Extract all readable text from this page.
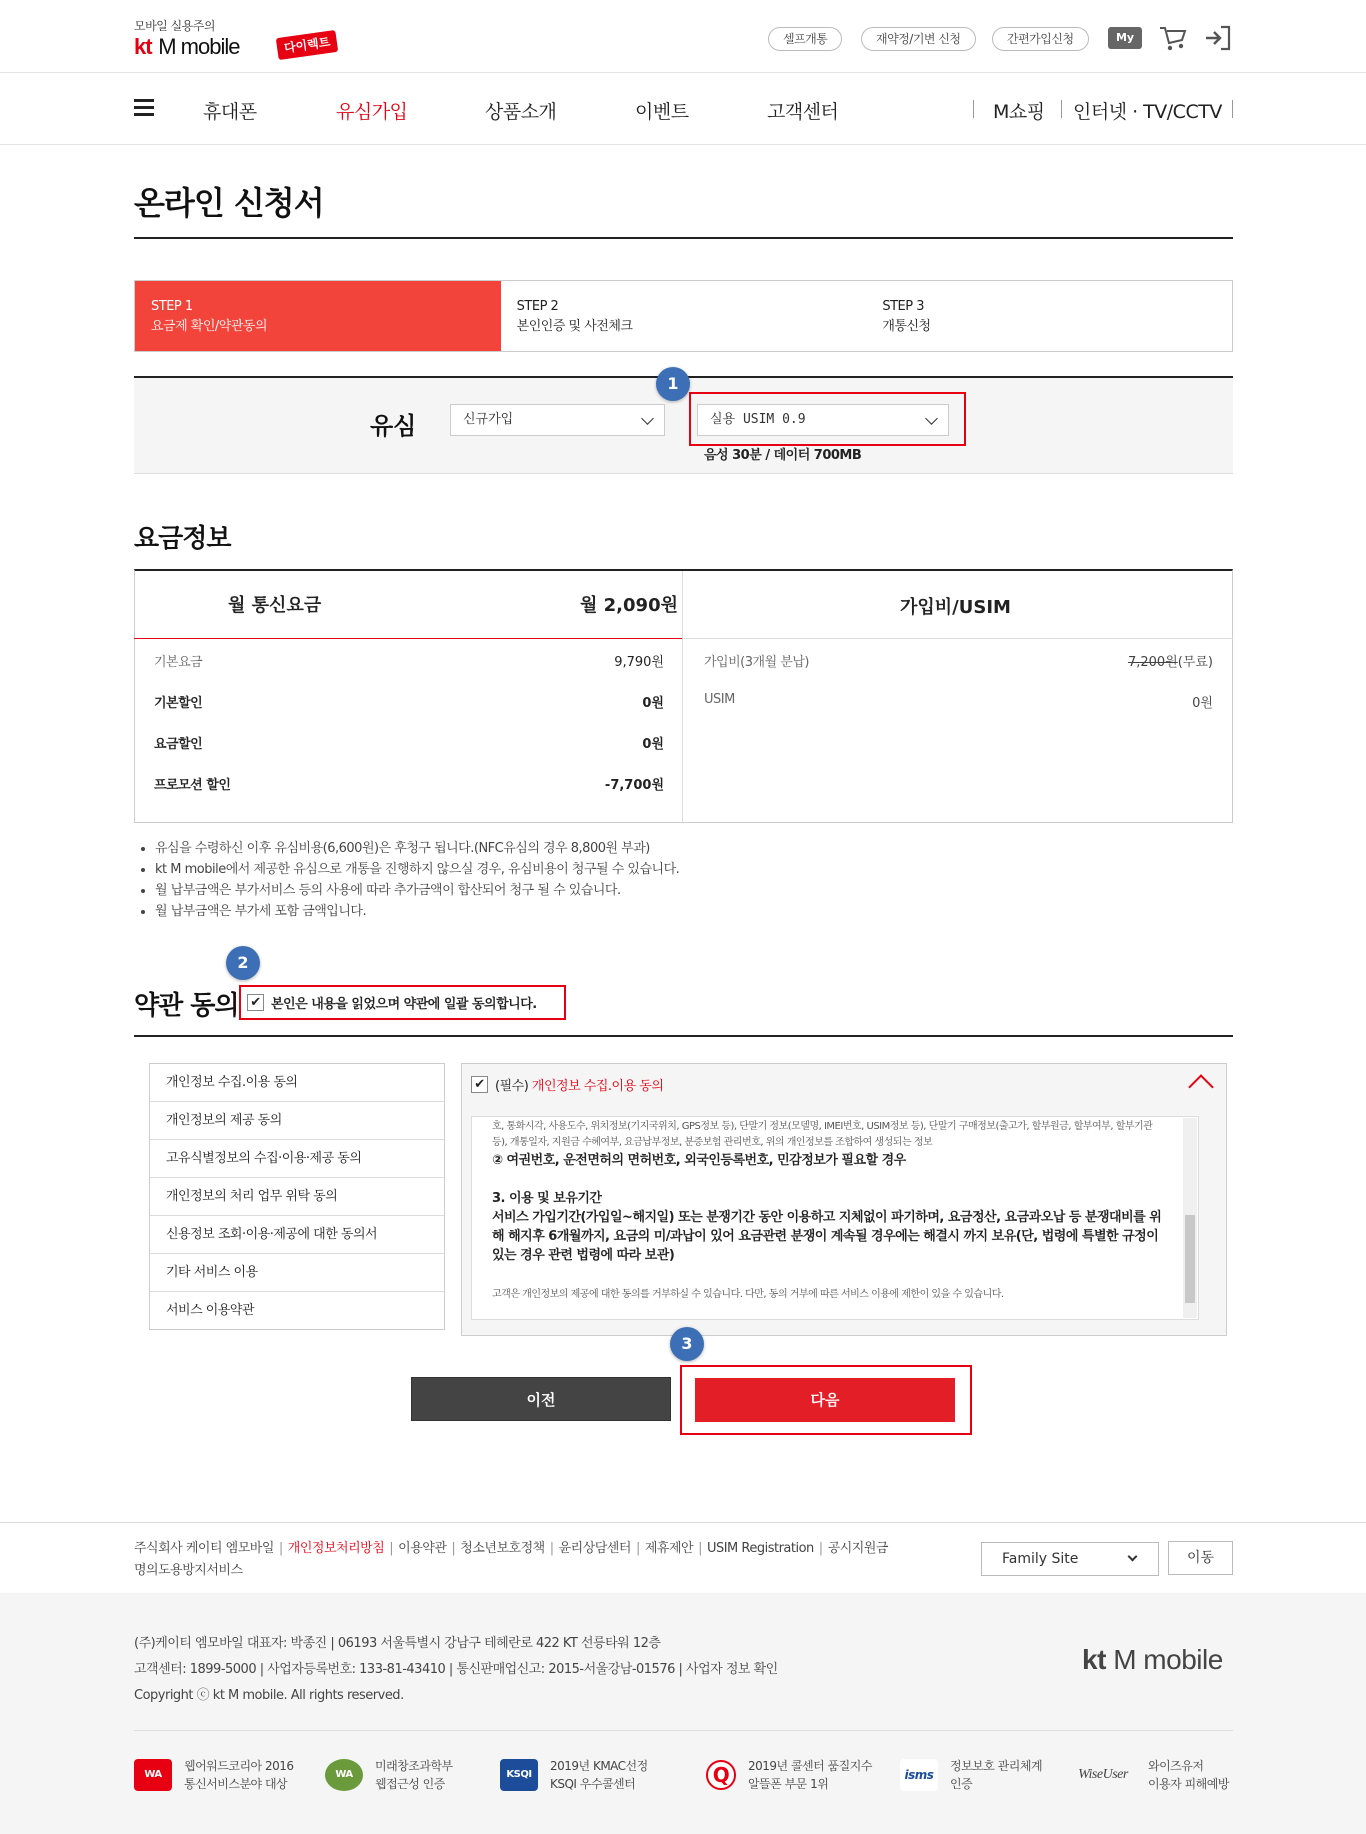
모바일 실용주의
kt M mobile	다이렉트	셀프개통	재약정/기변 신청	간편가입신청	My
휴대폰	유심가입	상품소개	이벤트	고객센터	M쇼핑 인터넷 · TV/CCTV
온라인 신청서
STEP 1
요금제 확인/약관동의
STEP 2
본인인증 및 사전체크
STEP 3
개통신청
유심	신규가입	실용 USIM 0.9
음성 30분 / 데이터 700MB
1
요금정보
월 통신요금	월 2,090원	가입비/USIM
기본요금	9,790원
기본할인	0원
요금할인	0원
프로모션 할인	-7,700원
가입비(3개월 분납)	7,200원(무료)
USIM	0원
• 유심을 수령하신 이후 유심비용(6,600원)은 후청구 됩니다.(NFC유심의 경우 8,800원 부과)
• kt M mobile에서 제공한 유심으로 개통을 진행하지 않으실 경우, 유심비용이 청구될 수 있습니다.
• 월 납부금액은 부가서비스 등의 사용에 따라 추가금액이 합산되어 청구 될 수 있습니다.
• 월 납부금액은 부가세 포함 금액입니다.
약관 동의
2
✔ 본인은 내용을 읽었으며 약관에 일괄 동의합니다.
개인정보 수집.이용 동의
개인정보의 제공 동의
고유식별정보의 수집·이용·제공 동의
개인정보의 처리 업무 위탁 동의
신용정보 조회·이용·제공에 대한 동의서
기타 서비스 이용
서비스 이용약관
✔ (필수)
개인정보 수집.이용 동의

호, 통화시각, 사용도수, 위치정보(기지국위치, GPS정보 등), 단말기 정보(모델명, IMEI번호, USIM정보 등), 단말기 구매정보(출고가, 할부원금, 할부여부, 할부기관 등), 개통일자, 지원금 수혜여부, 요금납부정보, 분증보험 관리번호, 위의 개인정보를 조합하여 생성되는 정보

② 여권번호, 운전면허의 면허번호, 외국인등록번호, 민감정보가 필요할 경우

3. 이용 및 보유기간

서비스 가입기간(가입일~해지일) 또는 분쟁기간 동안 이용하고 지체없이 파기하며, 요금정산, 요금과오납 등 분쟁대비를 위해 해지후 6개월까지, 요금의 미/과납이 있어 요금관련 분쟁이 계속될 경우에는 해결시 까지 보유(단, 법령에 특별한 규정이 있는 경우 관련 법령에 따라 보관)

고객은 개인정보의 제공에 대한 동의를 거부하실 수 있습니다. 다만, 동의 거부에 따른 서비스 이용에 제한이 있을 수 있습니다.

3
이전	다음
주식회사 케이티 엠모바일 | 개인정보처리방침 | 이용약관 | 청소년보호정책 | 윤리상담센터 | 제휴제안 | USIM Registration | 공시지원금
명의도용방지서비스
Family Site	이동
(주)케이티 엠모바일 대표자: 박종진 | 06193 서울특별시 강남구 테헤란로 422 KT 선릉타워 12층
고객센터: 1899-5000 | 사업자등록번호: 133-81-43410 | 통신판매업신고: 2015-서울강남-01576 | 사업자 정보 확인
Copyright ⓒ kt M mobile. All rights reserved.
kt M mobile
WA
웹어워드코리아 2016
통신서비스분야 대상
WA
미래창조과학부
웹접근성 인증
KSQI
2019년 KMAC선정
KSQI 우수콜센터	Q	2019년 콜센터 품질지수
알뜰폰 부문 1위
isms
정보보호 관리체계
인증
WiseUser
와이즈유저
이용자 피해예방
